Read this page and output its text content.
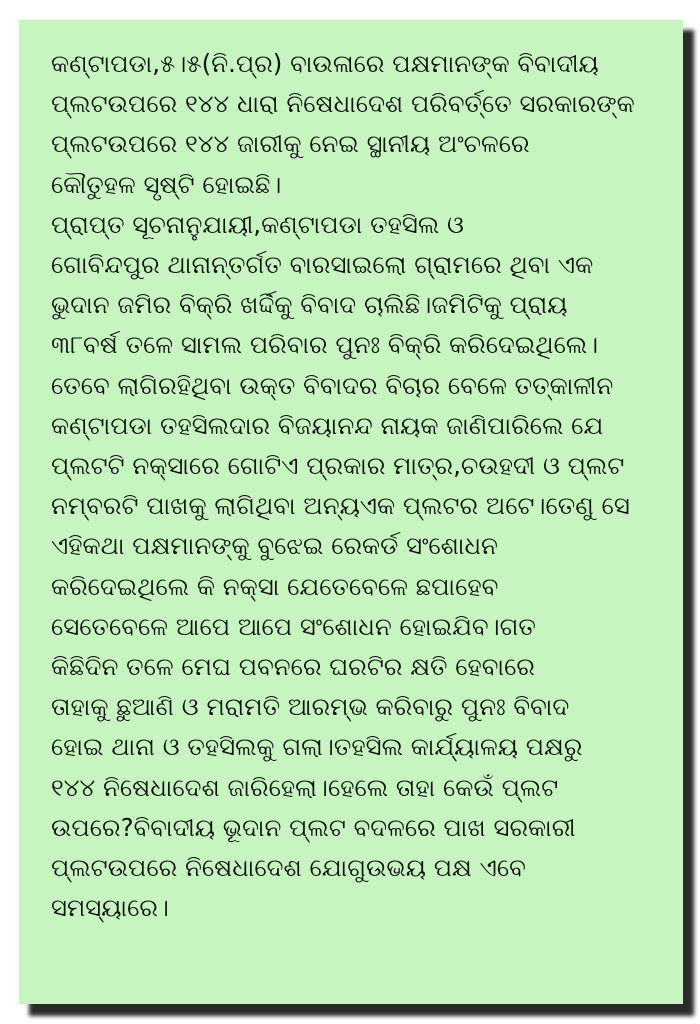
କଣ୍ଟାପଡା,୫।୫(ନି.ପ୍ର) ବାଉଳାରେ ପକ୍ଷମାନଙ୍କ ବିବାଦୀୟ
ପ୍ଲଟଉପରେ ୧୪୪ ଧାରା ନିଷେଧାଦେଶ ପରିବର୍ତ୍ତେ ସରକାରଙ୍କ
ପ୍ଲଟଉପରେ ୧୪୪ ଜାରୀକୁ ନେଇ ସ୍ଥାନୀୟ ଅଂଚଳରେ
କୌତୁହଳ ସୃଷ୍ଟି ହୋଇଛି।

ପ୍ରାପ୍ତ ସୂଚନାନୁଯାୟୀ,କଣ୍ଟାପଡା ତହସିଲ ଓ
ଗୋବିନ୍ଦପୁର ଥାନାନ୍ତର୍ଗତ ବାରସାଇଲୋ ଗ୍ରାମରେ ଥିବା ଏକ
ଭୁଦାନ ଜମିର ବିକ୍ରି ଖର୍ଦ୍ଦିକୁ ବିବାଦ ଚାଲିଛି।ଜମିଟିକୁ ପ୍ରାୟ
୩୮ବର୍ଷ ତଳେ ସାମଲ ପରିବାର ପୁନଃ ବିକ୍ରି କରିଦେଇଥିଲେ।
ତେବେ ଲାଗିରହିଥିବା ଉକ୍ତ ବିବାଦର ବିଚାର ବେଳେ ତତ୍କାଳୀନ
କଣ୍ଟାପଡା ତହସିଲଦାର ବିଜୟାନନ୍ଦ ନାୟକ ଜାଣିପାରିଲେ ଯେ
ପ୍ଲଟଟି ନକ୍ସାରେ ଗୋଟିଏ ପ୍ରକାର ମାତ୍ର,ଚଉହଦୀ ଓ ପ୍ଲଟ
ନମ୍ବରଟି ପାଖକୁ ଲାଗିଥିବା ଅନ୍ୟଏକ ପ୍ଲଟର ଅଟେ।ତେଣୁ ସେ
ଏହିକଥା ପକ୍ଷମାନଙ୍କୁ ବୁଝେଇ ରେକର୍ଡ ସଂଶୋଧନ
କରିଦେଇଥିଲେ କି ନକ୍ସା ଯେତେବେଳେ ଛପାହେବ
ସେତେବେଳେ ଆପେ ଆପେ ସଂଶୋଧନ ହୋଇଯିବ।ଗତ
କିଛିଦିନ ତଳେ ମେଘ ପବନରେ ଘରଟିର କ୍ଷତି ହେବାରେ
ତାହାକୁ ଛୁଆଣି ଓ ମରାମତି ଆରମ୍ଭ କରିବାରୁ ପୁନଃ ବିବାଦ
ହୋଇ ଥାନା ଓ ତହସିଲକୁ ଗଲା।ତହସିଲ କାର୍ଯ୍ୟାଳୟ ପକ୍ଷରୁ
୧୪୪ ନିଷେଧାଦେଶ ଜାରିହେଲା।ହେଲେ ତାହା କେଉଁ ପ୍ଲଟ
ଉପରେ?ବିବାଦୀୟ ଭୂଦାନ ପ୍ଲଟ ବଦଳରେ ପାଖ ସରକାରୀ
ପ୍ଲଟଉପରେ ନିଷେଧାଦେଶ ଯୋଗୁଉଭୟ ପକ୍ଷ ଏବେ
ସମସ୍ୟାରେ।
